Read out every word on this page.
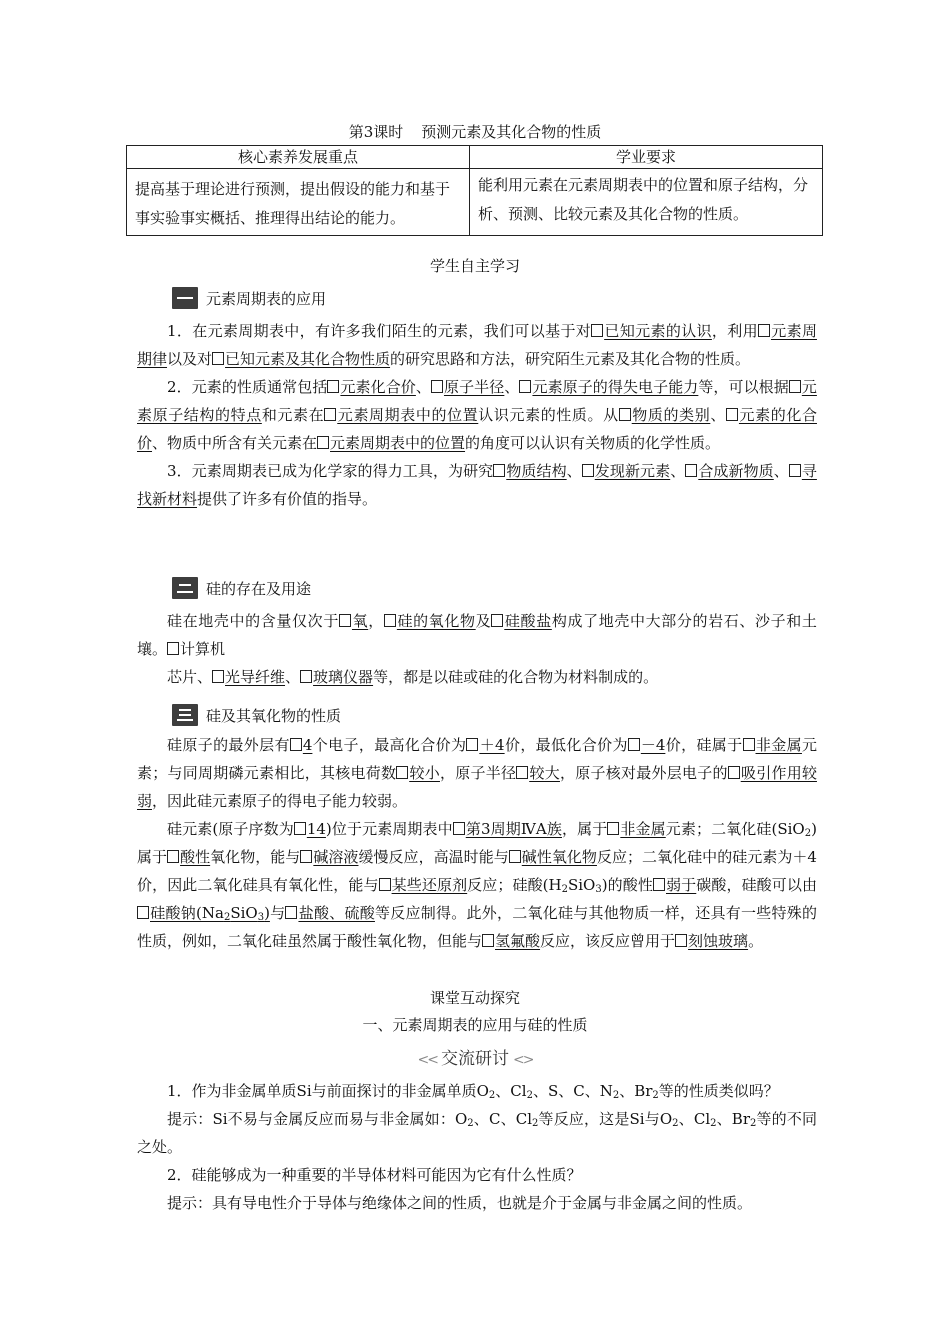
第3课时 预测元素及其化合物的性质
核心素养发展重点	学业要求
提高基于理论进行预测，提出假设的能力和基于事实验事实概括、推理得出结论的能力。	能利用元素在元素周期表中的位置和原子结构，分析、预测、比较元素及其化合物的性质。
学生自主学习
元素周期表的应用

1．在元素周期表中，有许多我们陌生的元素，我们可以基于对 已知元素的认识，利用 元素周期律以及对 已知元素及其化合物性质的研究思路和方法，研究陌生元素及其化合物的性质。

2．元素的性质通常包括 元素化合价、 原子半径、 元素原子的得失电子能力等，可以根据 元素原子结构的特点和元素在 元素周期表中的位置认识元素的性质。从 物质的类别、 元素的化合价、物质中所含有关元素在 元素周期表中的位置的角度可以认识有关物质的化学性质。

3．元素周期表已成为化学家的得力工具，为研究 物质结构、 发现新元素、 合成新物质、 寻找新材料提供了许多有价值的指导。

硅的存在及用途

硅在地壳中的含量仅次于 氧， 硅的氧化物及 硅酸盐构成了地壳中大部分的岩石、沙子和土壤。 计算机

芯片、 光导纤维、 玻璃仪器等，都是以硅或硅的化合物为材料制成的。

硅及其氧化物的性质

硅原子的最外层有 4个电子，最高化合价为 ＋4价，最低化合价为 －4价，硅属于 非金属元素；与同周期磷元素相比，其核电荷数 较小，原子半径 较大，原子核对最外层电子的 吸引作用较弱，因此硅元素原子的得电子能力较弱。

硅元素(原子序数为 14)位于元素周期表中 第3周期ⅣA族，属于 非金属元素；二氧化硅(SiO$_2$)属于 酸性氧化物，能与 碱溶液缓慢反应，高温时能与 碱性氧化物反应；二氧化硅中的硅元素为＋4价，因此二氧化硅具有氧化性，能与 某些还原剂反应；硅酸$(H_2SiO_3)$的酸性 弱于碳酸，硅酸可以由硅酸钠$(Na_2SiO_3)$与 盐酸、硫酸等反应制得。此外，二氧化硅与其他物质一样，还具有一些特殊的性质，例如，二氧化硅虽然属于酸性氧化物，但能与 氢氟酸反应，该反应曾用于 刻蚀玻璃。

课堂互动探究
一、元素周期表的应用与硅的性质
<< 交流研讨 <>

1．作为非金属单质Si与前面探讨的非金属单质$O_2$、$Cl_2$、S、C、$N_2$、$Br_2$等的性质类似吗？

提示：Si不易与金属反应而易与非金属如：$O_2$、C、$Cl_2$等反应，这是Si与$O_2$、$Cl_2$、$Br_2$等的不同之处。

2．硅能够成为一种重要的半导体材料可能因为它有什么性质？

提示：具有导电性介于导体与绝缘体之间的性质，也就是介于金属与非金属之间的性质。
